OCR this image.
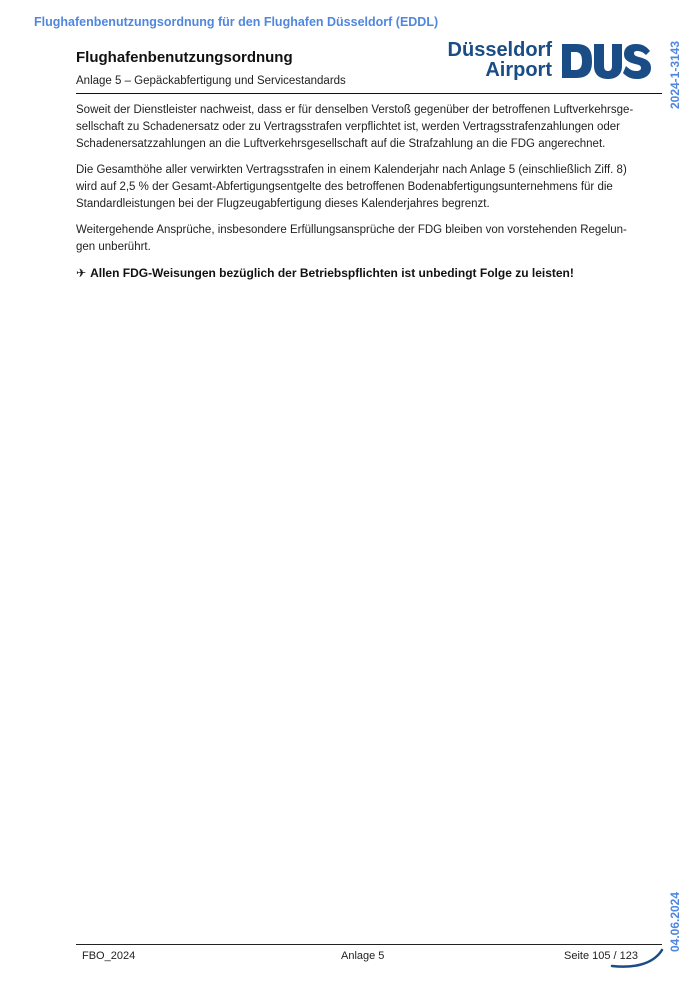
Flughafenbenutzungsordnung für den Flughafen Düsseldorf (EDDL)
Flughafenbenutzungsordnung
Anlage 5 – Gepäckabfertigung und Servicestandards
Düsseldorf
Airport	2024-1-3143

Soweit der Dienstleister nachweist, dass er für denselben Verstoß gegenüber der betroffenen Luftverkehrsge-sellschaft zu Schadenersatz oder zu Vertragsstrafen verpflichtet ist, werden Vertragsstrafenzahlungen oder Schadenersatzzahlungen an die Luftverkehrsgesellschaft auf die Strafzahlung an die FDG angerechnet.

Die Gesamthöhe aller verwirkten Vertragsstrafen in einem Kalenderjahr nach Anlage 5 (einschließlich Ziff. 8) wird auf 2,5 % der Gesamt-Abfertigungsentgelte des betroffenen Bodenabfertigungsunternehmens für die Standardleistungen bei der Flugzeugabfertigung dieses Kalenderjahres begrenzt.

Weitergehende Ansprüche, insbesondere Erfüllungsansprüche der FDG bleiben von vorstehenden Regelun-gen unberührt.

✈ Allen FDG-Weisungen bezüglich der Betriebspflichten ist unbedingt Folge zu leisten!

04.06.2024
FBO_2024	Anlage 5	Seite 105 / 123
